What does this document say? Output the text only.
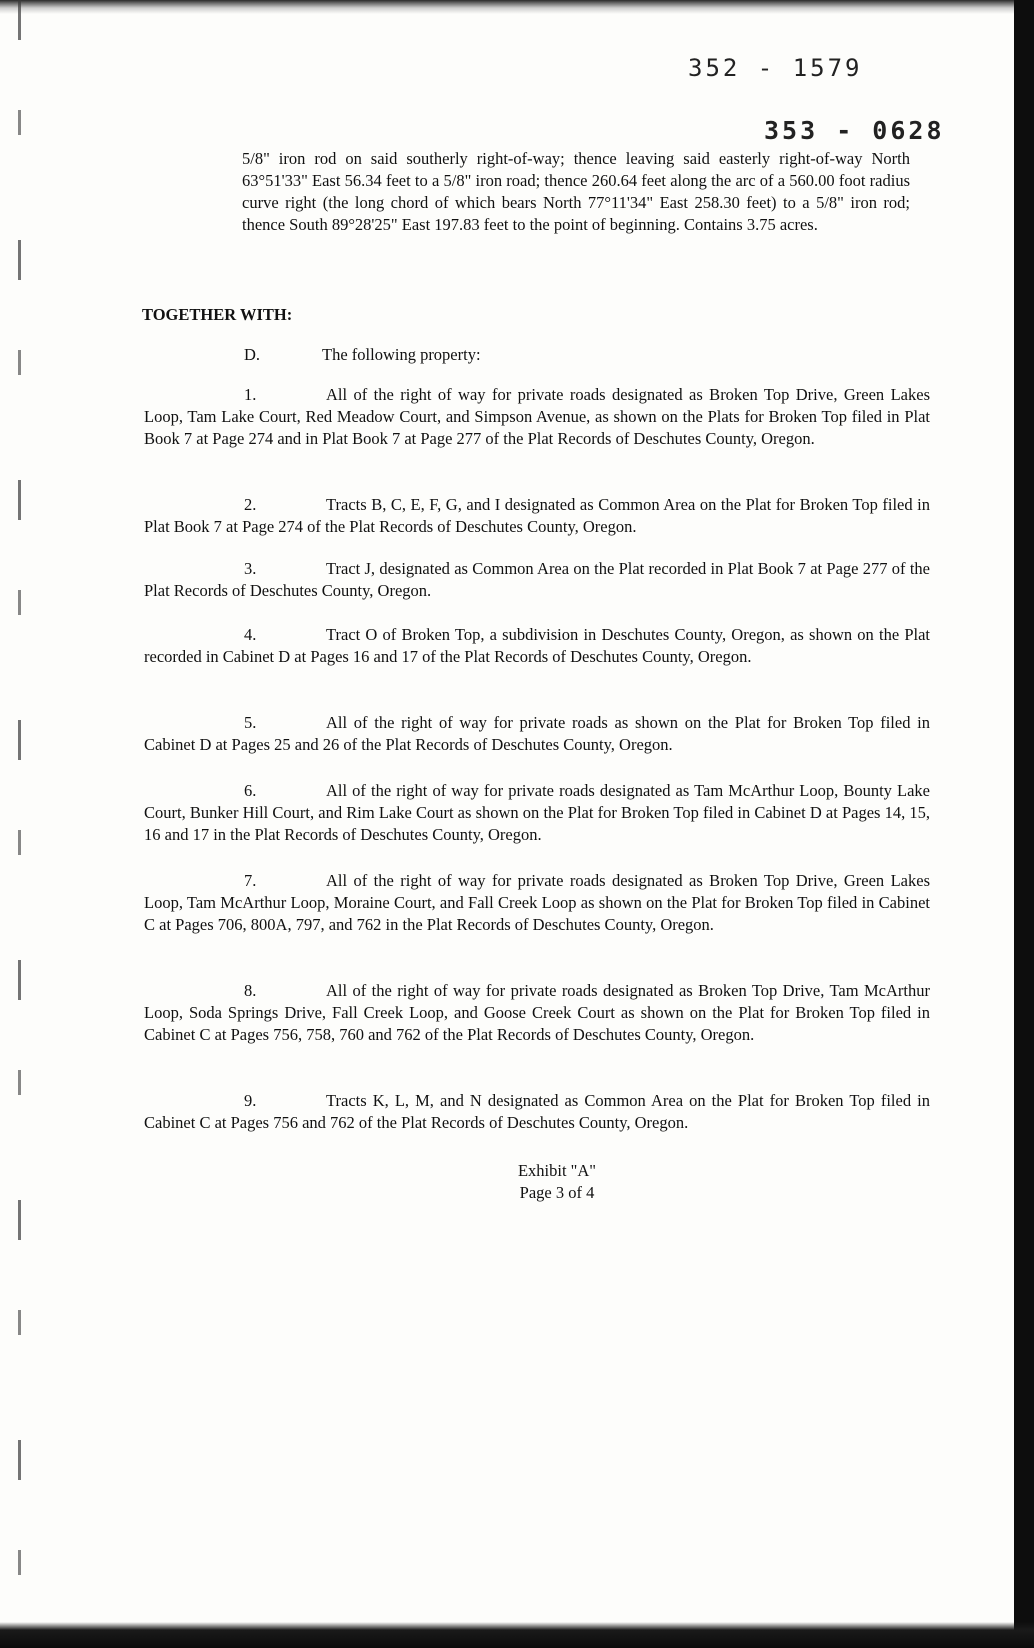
352 - 1579
353 - 0628

5/8" iron rod on said southerly right-of-way; thence leaving said easterly right-of-way North 63°51'33" East 56.34 feet to a 5/8" iron road; thence 260.64 feet along the arc of a 560.00 foot radius curve right (the long chord of which bears North 77°11'34" East 258.30 feet) to a 5/8" iron rod; thence South 89°28'25" East 197.83 feet to the point of beginning. Contains 3.75 acres.

TOGETHER WITH:
D.	The following property:

1.	All of the right of way for private roads designated as Broken Top Drive, Green Lakes Loop, Tam Lake Court, Red Meadow Court, and Simpson Avenue, as shown on the Plats for Broken Top filed in Plat Book 7 at Page 274 and in Plat Book 7 at Page 277 of the Plat Records of Deschutes County, Oregon.

2.	Tracts B, C, E, F, G, and I designated as Common Area on the Plat for Broken Top filed in Plat Book 7 at Page 274 of the Plat Records of Deschutes County, Oregon.

3.	Tract J, designated as Common Area on the Plat recorded in Plat Book 7 at Page 277 of the Plat Records of Deschutes County, Oregon.

4.	Tract O of Broken Top, a subdivision in Deschutes County, Oregon, as shown on the Plat recorded in Cabinet D at Pages 16 and 17 of the Plat Records of Deschutes County, Oregon.

5.	All of the right of way for private roads as shown on the Plat for Broken Top filed in Cabinet D at Pages 25 and 26 of the Plat Records of Deschutes County, Oregon.

6.	All of the right of way for private roads designated as Tam McArthur Loop, Bounty Lake Court, Bunker Hill Court, and Rim Lake Court as shown on the Plat for Broken Top filed in Cabinet D at Pages 14, 15, 16 and 17 in the Plat Records of Deschutes County, Oregon.

7.	All of the right of way for private roads designated as Broken Top Drive, Green Lakes Loop, Tam McArthur Loop, Moraine Court, and Fall Creek Loop as shown on the Plat for Broken Top filed in Cabinet C at Pages 706, 800A, 797, and 762 in the Plat Records of Deschutes County, Oregon.

8.	All of the right of way for private roads designated as Broken Top Drive, Tam McArthur Loop, Soda Springs Drive, Fall Creek Loop, and Goose Creek Court as shown on the Plat for Broken Top filed in Cabinet C at Pages 756, 758, 760 and 762 of the Plat Records of Deschutes County, Oregon.

9.	Tracts K, L, M, and N designated as Common Area on the Plat for Broken Top filed in Cabinet C at Pages 756 and 762 of the Plat Records of Deschutes County, Oregon.

Exhibit "A"
Page 3 of 4
